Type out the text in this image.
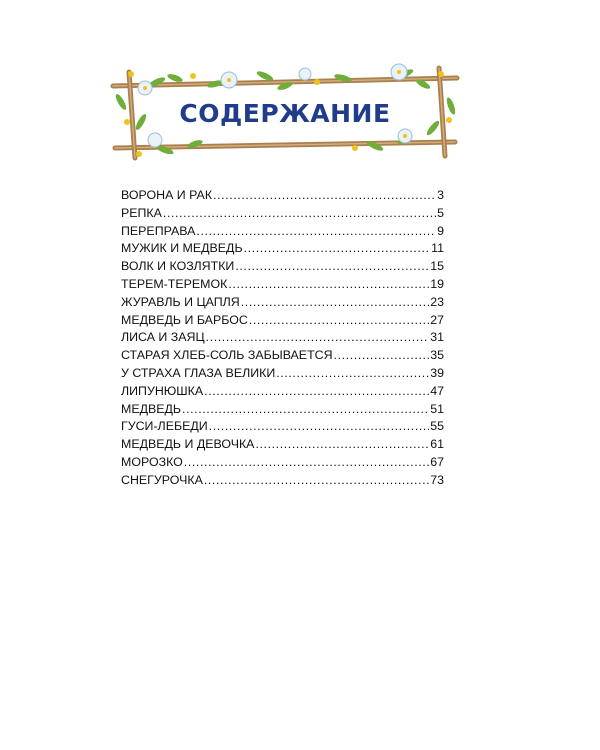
СОДЕРЖАНИЕ
ВОРОНА И РАК .....	3
РЕПКА .....	5
ПЕРЕПРАВА .....	9
МУЖИК И МЕДВЕДЬ .....	11
ВОЛК И КОЗЛЯТКИ .....	15
ТЕРЕМ-ТЕРЕМОК .....	19
ЖУРАВЛЬ И ЦАПЛЯ .....	23
МЕДВЕДЬ И БАРБОС .....	27
ЛИСА И ЗАЯЦ .....	31
СТАРАЯ ХЛЕБ-СОЛЬ ЗАБЫВАЕТСЯ .....	35
У СТРАХА ГЛАЗА ВЕЛИКИ .....	39
ЛИПУНЮШКА .....	47
МЕДВЕДЬ .....	51
ГУСИ-ЛЕБЕДИ .....	55
МЕДВЕДЬ И ДЕВОЧКА .....	61
МОРОЗКО .....	67
СНЕГУРОЧКА .....	73
